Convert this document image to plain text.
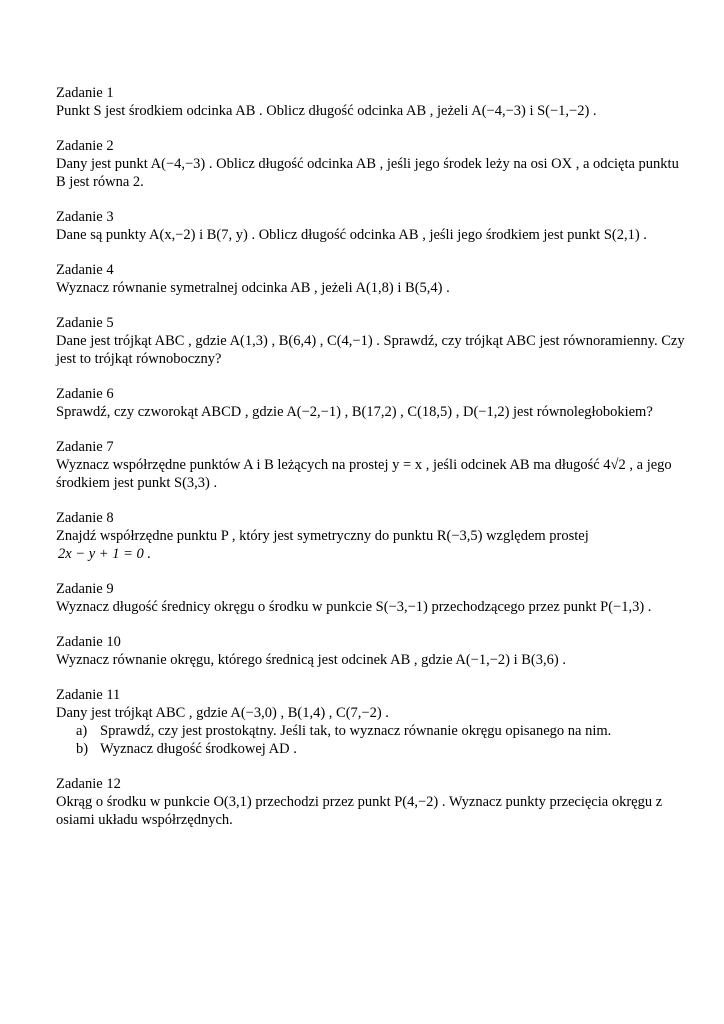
Zadanie 1
Punkt S jest środkiem odcinka AB . Oblicz długość odcinka AB , jeżeli A(−4,−3) i S(−1,−2) .
Zadanie 2
Dany jest punkt A(−4,−3) . Oblicz długość odcinka AB , jeśli jego środek leży na osi OX , a odcięta punktu B jest równa 2.
Zadanie 3
Dane są punkty A(x,−2) i B(7, y) . Oblicz długość odcinka AB , jeśli jego środkiem jest punkt S(2,1) .
Zadanie 4
Wyznacz równanie symetralnej odcinka AB , jeżeli A(1,8) i B(5,4) .
Zadanie 5
Dane jest trójkąt ABC , gdzie A(1,3) , B(6,4) , C(4,−1) . Sprawdź, czy trójkąt ABC jest równoramienny. Czy jest to trójkąt równoboczny?
Zadanie 6
Sprawdź, czy czworokąt ABCD , gdzie A(−2,−1) , B(17,2) , C(18,5) , D(−1,2) jest równoległobokiem?
Zadanie 7
Wyznacz współrzędne punktów A i B leżących na prostej y = x , jeśli odcinek AB ma długość 4√2 , a jego środkiem jest punkt S(3,3) .
Zadanie 8
Znajdź współrzędne punktu P , który jest symetryczny do punktu R(−3,5) względem prostej
2x − y + 1 = 0 .
Zadanie 9
Wyznacz długość średnicy okręgu o środku w punkcie S(−3,−1) przechodzącego przez punkt P(−1,3) .
Zadanie 10
Wyznacz równanie okręgu, którego średnicą jest odcinek AB , gdzie A(−1,−2) i B(3,6) .
Zadanie 11
Dany jest trójkąt ABC , gdzie A(−3,0) , B(1,4) , C(7,−2) .
a) Sprawdź, czy jest prostokątny. Jeśli tak, to wyznacz równanie okręgu opisanego na nim.
b) Wyznacz długość środkowej AD .
Zadanie 12
Okrąg o środku w punkcie O(3,1) przechodzi przez punkt P(4,−2) . Wyznacz punkty przecięcia okręgu z osiami układu współrzędnych.
